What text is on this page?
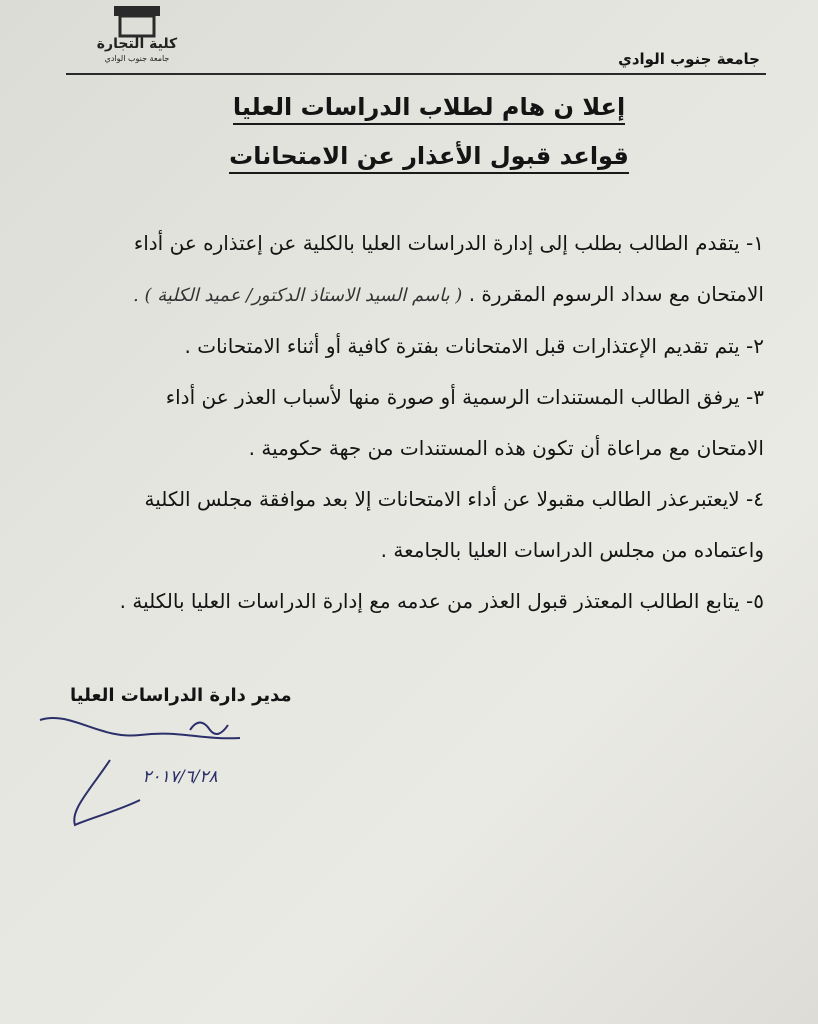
كلية التجارة
جامعة جنوب الوادي	جامعة جنوب الوادي
إعلا ن هام لطلاب الدراسات العليا
قواعد قبول الأعذار عن الامتحانات

١- يتقدم الطالب بطلب إلى إدارة الدراسات العليا بالكلية عن إعتذاره عن أداء

الامتحان مع سداد الرسوم المقررة . ( باسم السيد الاستاذ الدكتور/ عميد الكلية ) .

٢- يتم تقديم الإعتذارات قبل الامتحانات بفترة كافية أو أثناء الامتحانات .

٣- يرفق الطالب المستندات الرسمية أو صورة منها لأسباب العذر عن أداء

الامتحان مع مراعاة أن تكون هذه المستندات من جهة حكومية .

٤- لايعتبرعذر الطالب مقبولا عن أداء الامتحانات إلا بعد موافقة مجلس الكلية

واعتماده من مجلس الدراسات العليا بالجامعة .

٥- يتابع الطالب المعتذر قبول العذر من عدمه مع إدارة الدراسات العليا بالكلية .

مدير دارة الدراسات العليا
٢٠١٧/٦/٢٨
